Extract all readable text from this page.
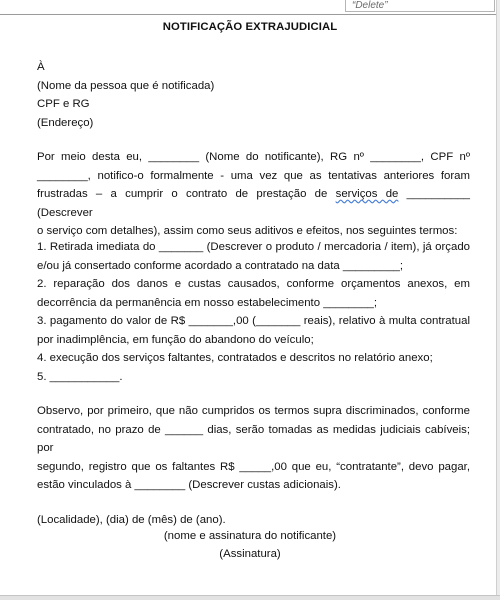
“Delete”
NOTIFICAÇÃO EXTRAJUDICIAL
À
(Nome da pessoa que é notificada)
CPF e RG
(Endereço)
Por meio desta eu, ________ (Nome do notificante), RG nº ________, CPF nº
________, notifico-o formalmente - uma vez que as tentativas anteriores foram
frustradas – a cumprir o contrato de prestação de serviços de __________ (Descrever
o serviço com detalhes), assim como seus aditivos e efeitos, nos seguintes termos:
1. Retirada imediata do _______ (Descrever o produto / mercadoria / item), já orçado
e/ou já consertado conforme acordado a contratado na data _________;
2. reparação dos danos e custas causados, conforme orçamentos anexos, em
decorrência da permanência em nosso estabelecimento ________;
3. pagamento do valor de R$ _______,00 (_______ reais), relativo à multa contratual
por inadimplência, em função do abandono do veículo;
4. execução dos serviços faltantes, contratados e descritos no relatório anexo;
5. ___________.
Observo, por primeiro, que não cumpridos os termos supra discriminados, conforme
contratado, no prazo de ______ dias, serão tomadas as medidas judiciais cabíveis; por
segundo, registro que os faltantes R$ _____,00 que eu, “contratante”, devo pagar,
estão vinculados à ________ (Descrever custas adicionais).
(Localidade), (dia) de (mês) de (ano).
(nome e assinatura do notificante)
(Assinatura)
